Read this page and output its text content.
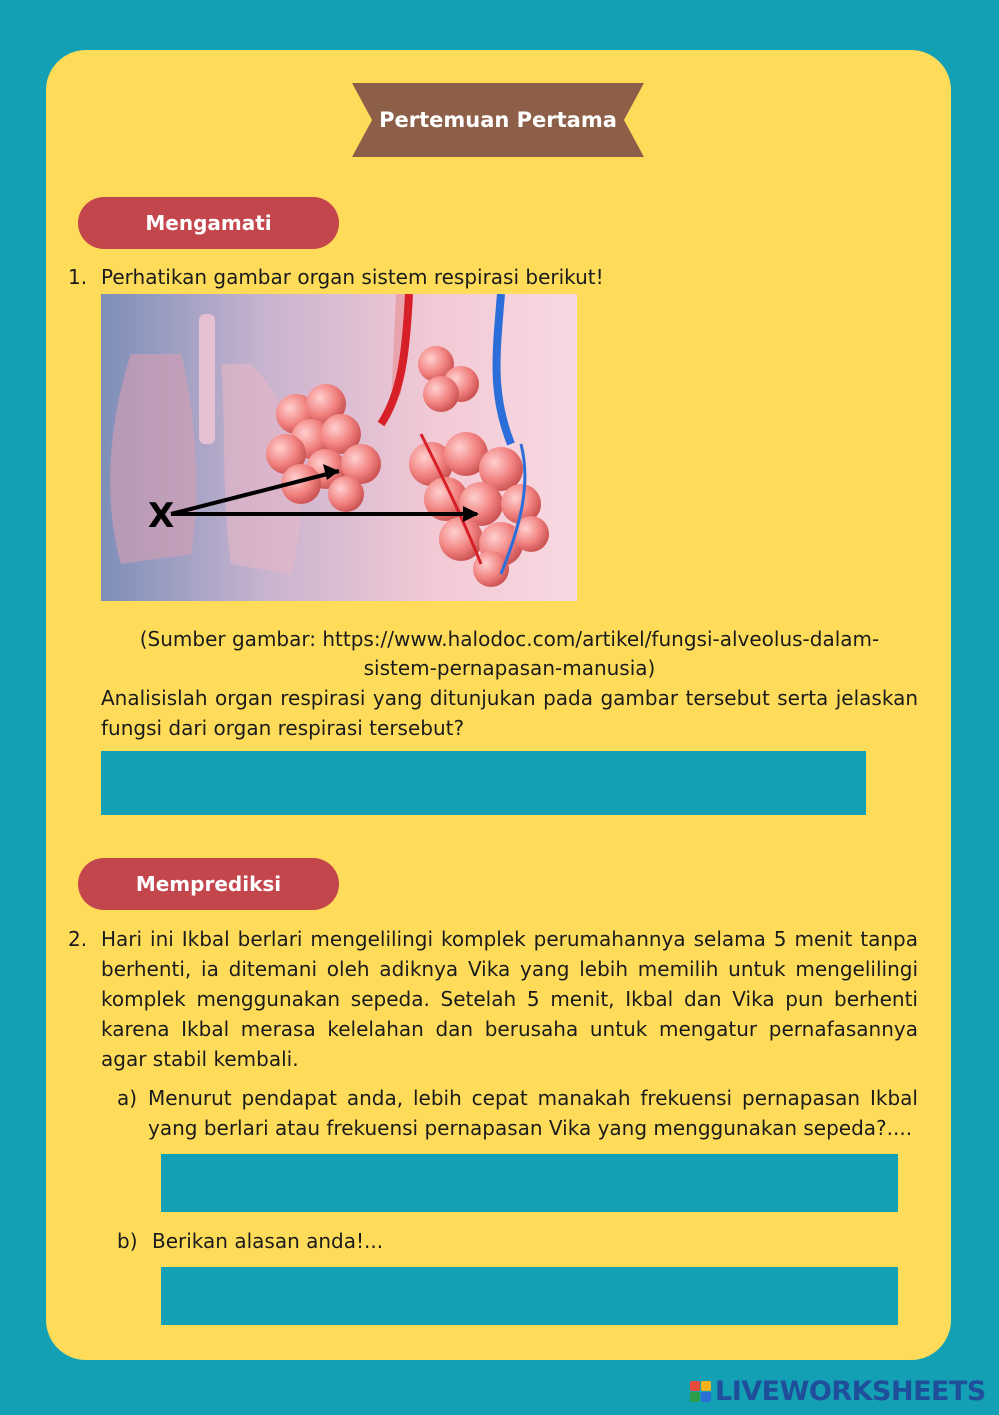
Pertemuan Pertama
Mengamati
1. Perhatikan gambar organ sistem respirasi berikut!
X
(Sumber gambar: https://www.halodoc.com/artikel/fungsi-alveolus-dalam-
sistem-pernapasan-manusia)
Analisislah organ respirasi yang ditunjukan pada gambar tersebut serta jelaskan fungsi dari organ respirasi tersebut?
Memprediksi
2. Hari ini Ikbal berlari mengelilingi komplek perumahannya selama 5 menit tanpa berhenti, ia ditemani oleh adiknya Vika yang lebih memilih untuk mengelilingi komplek menggunakan sepeda. Setelah 5 menit, Ikbal dan Vika pun berhenti karena Ikbal merasa kelelahan dan berusaha untuk mengatur pernafasannya agar stabil kembali.
a) Menurut pendapat anda, lebih cepat manakah frekuensi pernapasan Ikbal yang berlari atau frekuensi pernapasan Vika yang menggunakan sepeda?....
b) Berikan alasan anda!...
LIVEWORKSHEETS
